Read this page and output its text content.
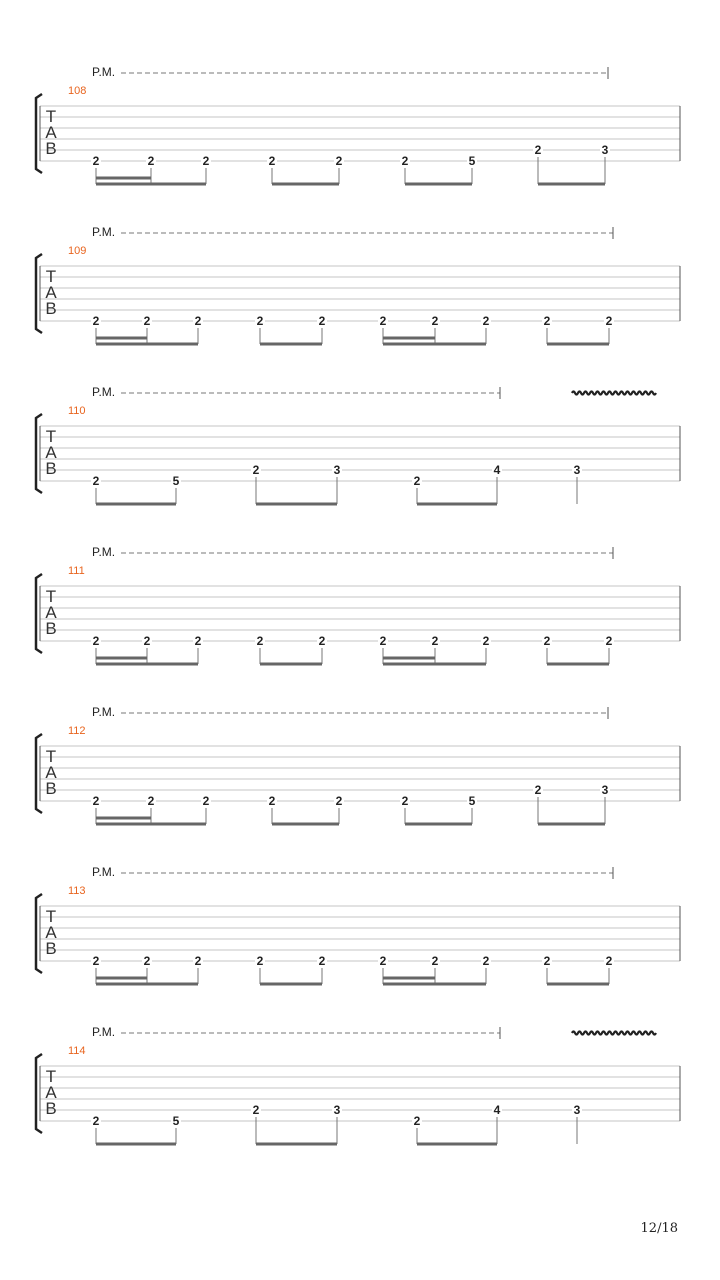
P.M.
108
T
A
B
2	2	2	2	2	2	5
2	3
P.M.
109
T
A
B
2	2	2	2	2	2	2	2	2	2
P.M.
110
T
A
B
2	5
2	3
2
4	3
P.M.
111
T
A
B
2	2	2	2	2	2	2	2	2	2
P.M.
112
T
A
B
2	2	2	2	2	2	5
2	3
P.M.
113
T
A
B
2	2	2	2	2	2	2	2	2	2
P.M.
114
T
A
B
2	5
2	3
2
4	3
12/18
